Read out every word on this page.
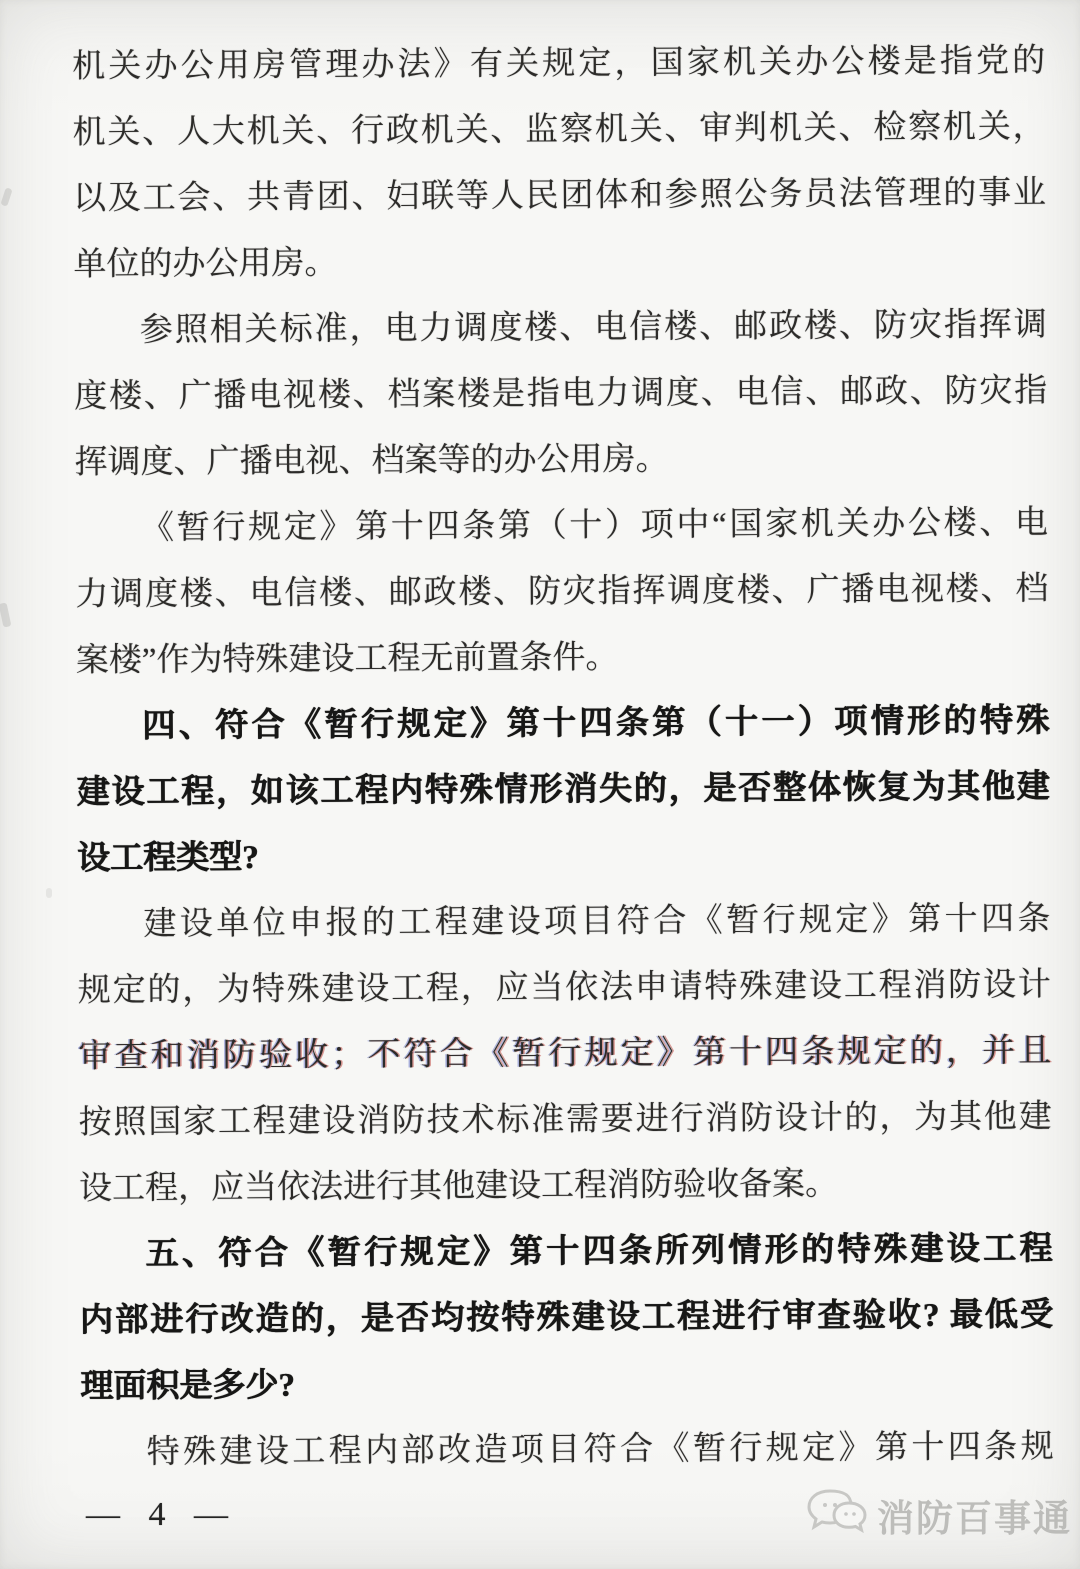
机关办公用房管理办法》有关规定，国家机关办公楼是指党的

机关、人大机关、行政机关、监察机关、审判机关、检察机关，

以及工会、共青团、妇联等人民团体和参照公务员法管理的事业

单位的办公用房。

参照相关标准，电力调度楼、电信楼、邮政楼、防灾指挥调

度楼、广播电视楼、档案楼是指电力调度、电信、邮政、防灾指

挥调度、广播电视、档案等的办公用房。

《暂行规定》第十四条第（十）项中“国家机关办公楼、电

力调度楼、电信楼、邮政楼、防灾指挥调度楼、广播电视楼、档

案楼”作为特殊建设工程无前置条件。

四、符合《暂行规定》第十四条第（十一）项情形的特殊

建设工程，如该工程内特殊情形消失的，是否整体恢复为其他建

设工程类型?

建设单位申报的工程建设项目符合《暂行规定》第十四条

规定的，为特殊建设工程，应当依法申请特殊建设工程消防设计

审查和消防验收；不符合《暂行规定》第十四条规定的，并且

按照国家工程建设消防技术标准需要进行消防设计的，为其他建

设工程，应当依法进行其他建设工程消防验收备案。

五、符合《暂行规定》第十四条所列情形的特殊建设工程

内部进行改造的，是否均按特殊建设工程进行审查验收? 最低受

理面积是多少?

特殊建设工程内部改造项目符合《暂行规定》第十四条规

— 4 —	消防百事通
